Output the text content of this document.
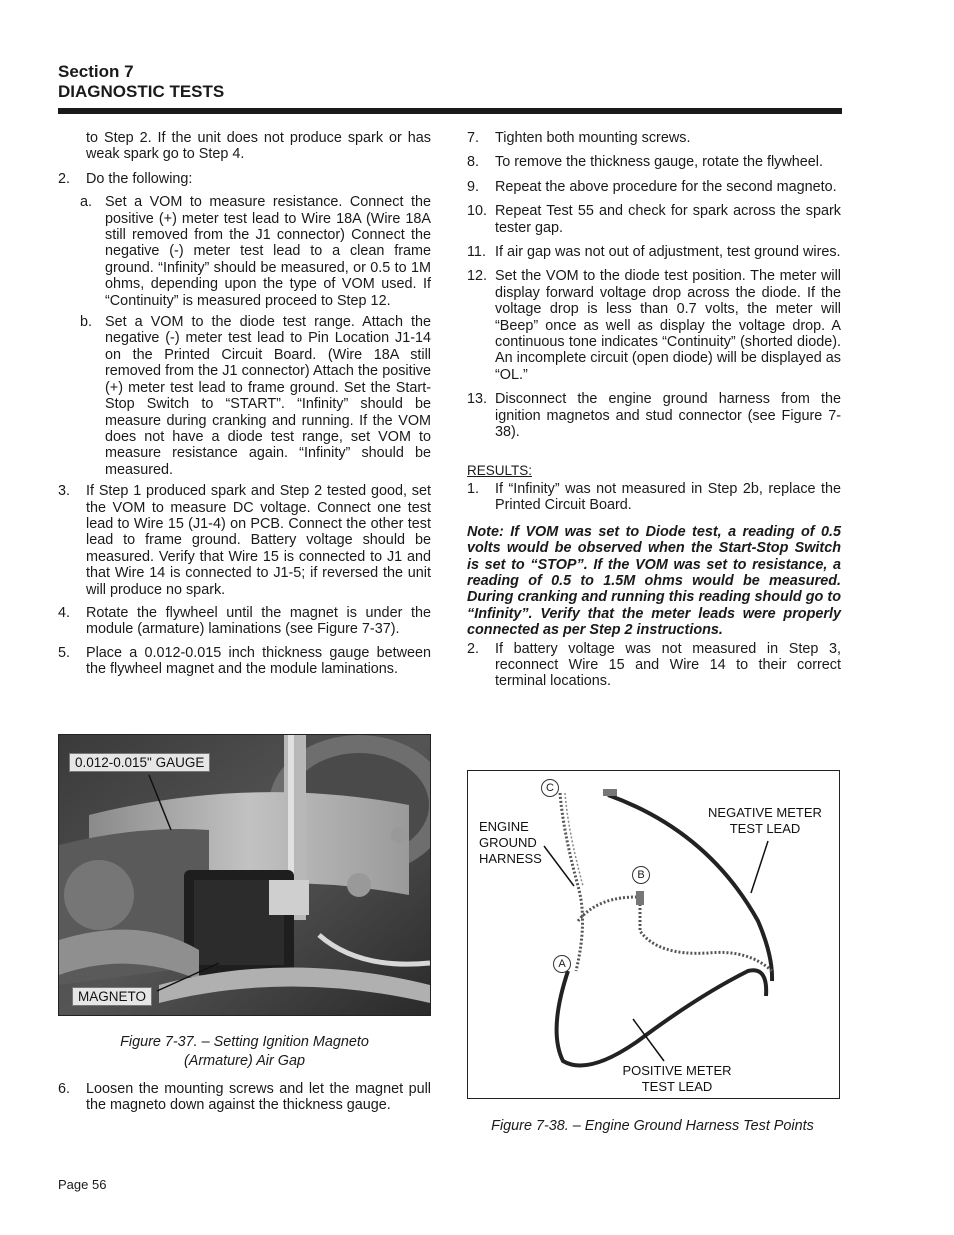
Section 7
DIAGNOSTIC TESTS

to Step 2. If the unit does not produce spark or has weak spark go to Step 4.

2. Do the following:
a. Set a VOM to measure resistance. Connect the positive (+) meter test lead to Wire 18A (Wire 18A still removed from the J1 connector) Connect the negative (-) meter test lead to a clean frame ground. “Infinity” should be measured, or 0.5 to 1M ohms, depending upon the type of VOM used. If “Continuity” is measured proceed to Step 12.
b. Set a VOM to the diode test range. Attach the negative (-) meter test lead to Pin Location J1-14 on the Printed Circuit Board. (Wire 18A still removed from the J1 connector) Attach the positive (+) meter test lead to frame ground. Set the Start-Stop Switch to “START”. “Infinity” should be measure during cranking and running. If the VOM does not have a diode test range, set VOM to measure resistance again. “Infinity” should be measured.
3. If Step 1 produced spark and Step 2 tested good, set the VOM to measure DC voltage. Connect one test lead to Wire 15 (J1-4) on PCB. Connect the other test lead to frame ground. Battery voltage should be measured. Verify that Wire 15 is connected to J1 and that Wire 14 is connected to J1-5; if reversed the unit will produce no spark.
4. Rotate the flywheel until the magnet is under the module (armature) laminations (see Figure 7-37).
5. Place a 0.012-0.015 inch thickness gauge between the flywheel magnet and the module laminations.
0.012-0.015" GAUGE
MAGNETO
Figure 7-37. – Setting Ignition Magneto
(Armature) Air Gap
6. Loosen the mounting screws and let the magnet pull the magneto down against the thickness gauge.
7. Tighten both mounting screws.
8. To remove the thickness gauge, rotate the flywheel.
9. Repeat the above procedure for the second magneto.
10. Repeat Test 55 and check for spark across the spark tester gap.
11. If air gap was not out of adjustment, test ground wires.
12. Set the VOM to the diode test position. The meter will display forward voltage drop across the diode. If the voltage drop is less than 0.7 volts, the meter will “Beep” once as well as display the voltage drop. A continuous tone indicates “Continuity” (shorted diode). An incomplete circuit (open diode) will be displayed as “OL.”
13. Disconnect the engine ground harness from the ignition magnetos and stud connector (see Figure 7-38).

RESULTS:

1. If “Infinity” was not measured in Step 2b, replace the Printed Circuit Board.

Note: If VOM was set to Diode test, a reading of 0.5 volts would be observed when the Start-Stop Switch is set to “STOP”. If the VOM was set to resistance, a reading of 0.5 to 1.5M ohms would be measured. During cranking and running this reading should go to “Infinity”. Verify that the meter leads were properly connected as per Step 2 instructions.

2. If battery voltage was not measured in Step 3, reconnect Wire 15 and Wire 14 to their correct terminal locations.
C
B
A
ENGINE
GROUND
HARNESS
NEGATIVE METER
TEST LEAD
POSITIVE METER
TEST LEAD
Figure 7-38. – Engine Ground Harness Test Points
Page 56
